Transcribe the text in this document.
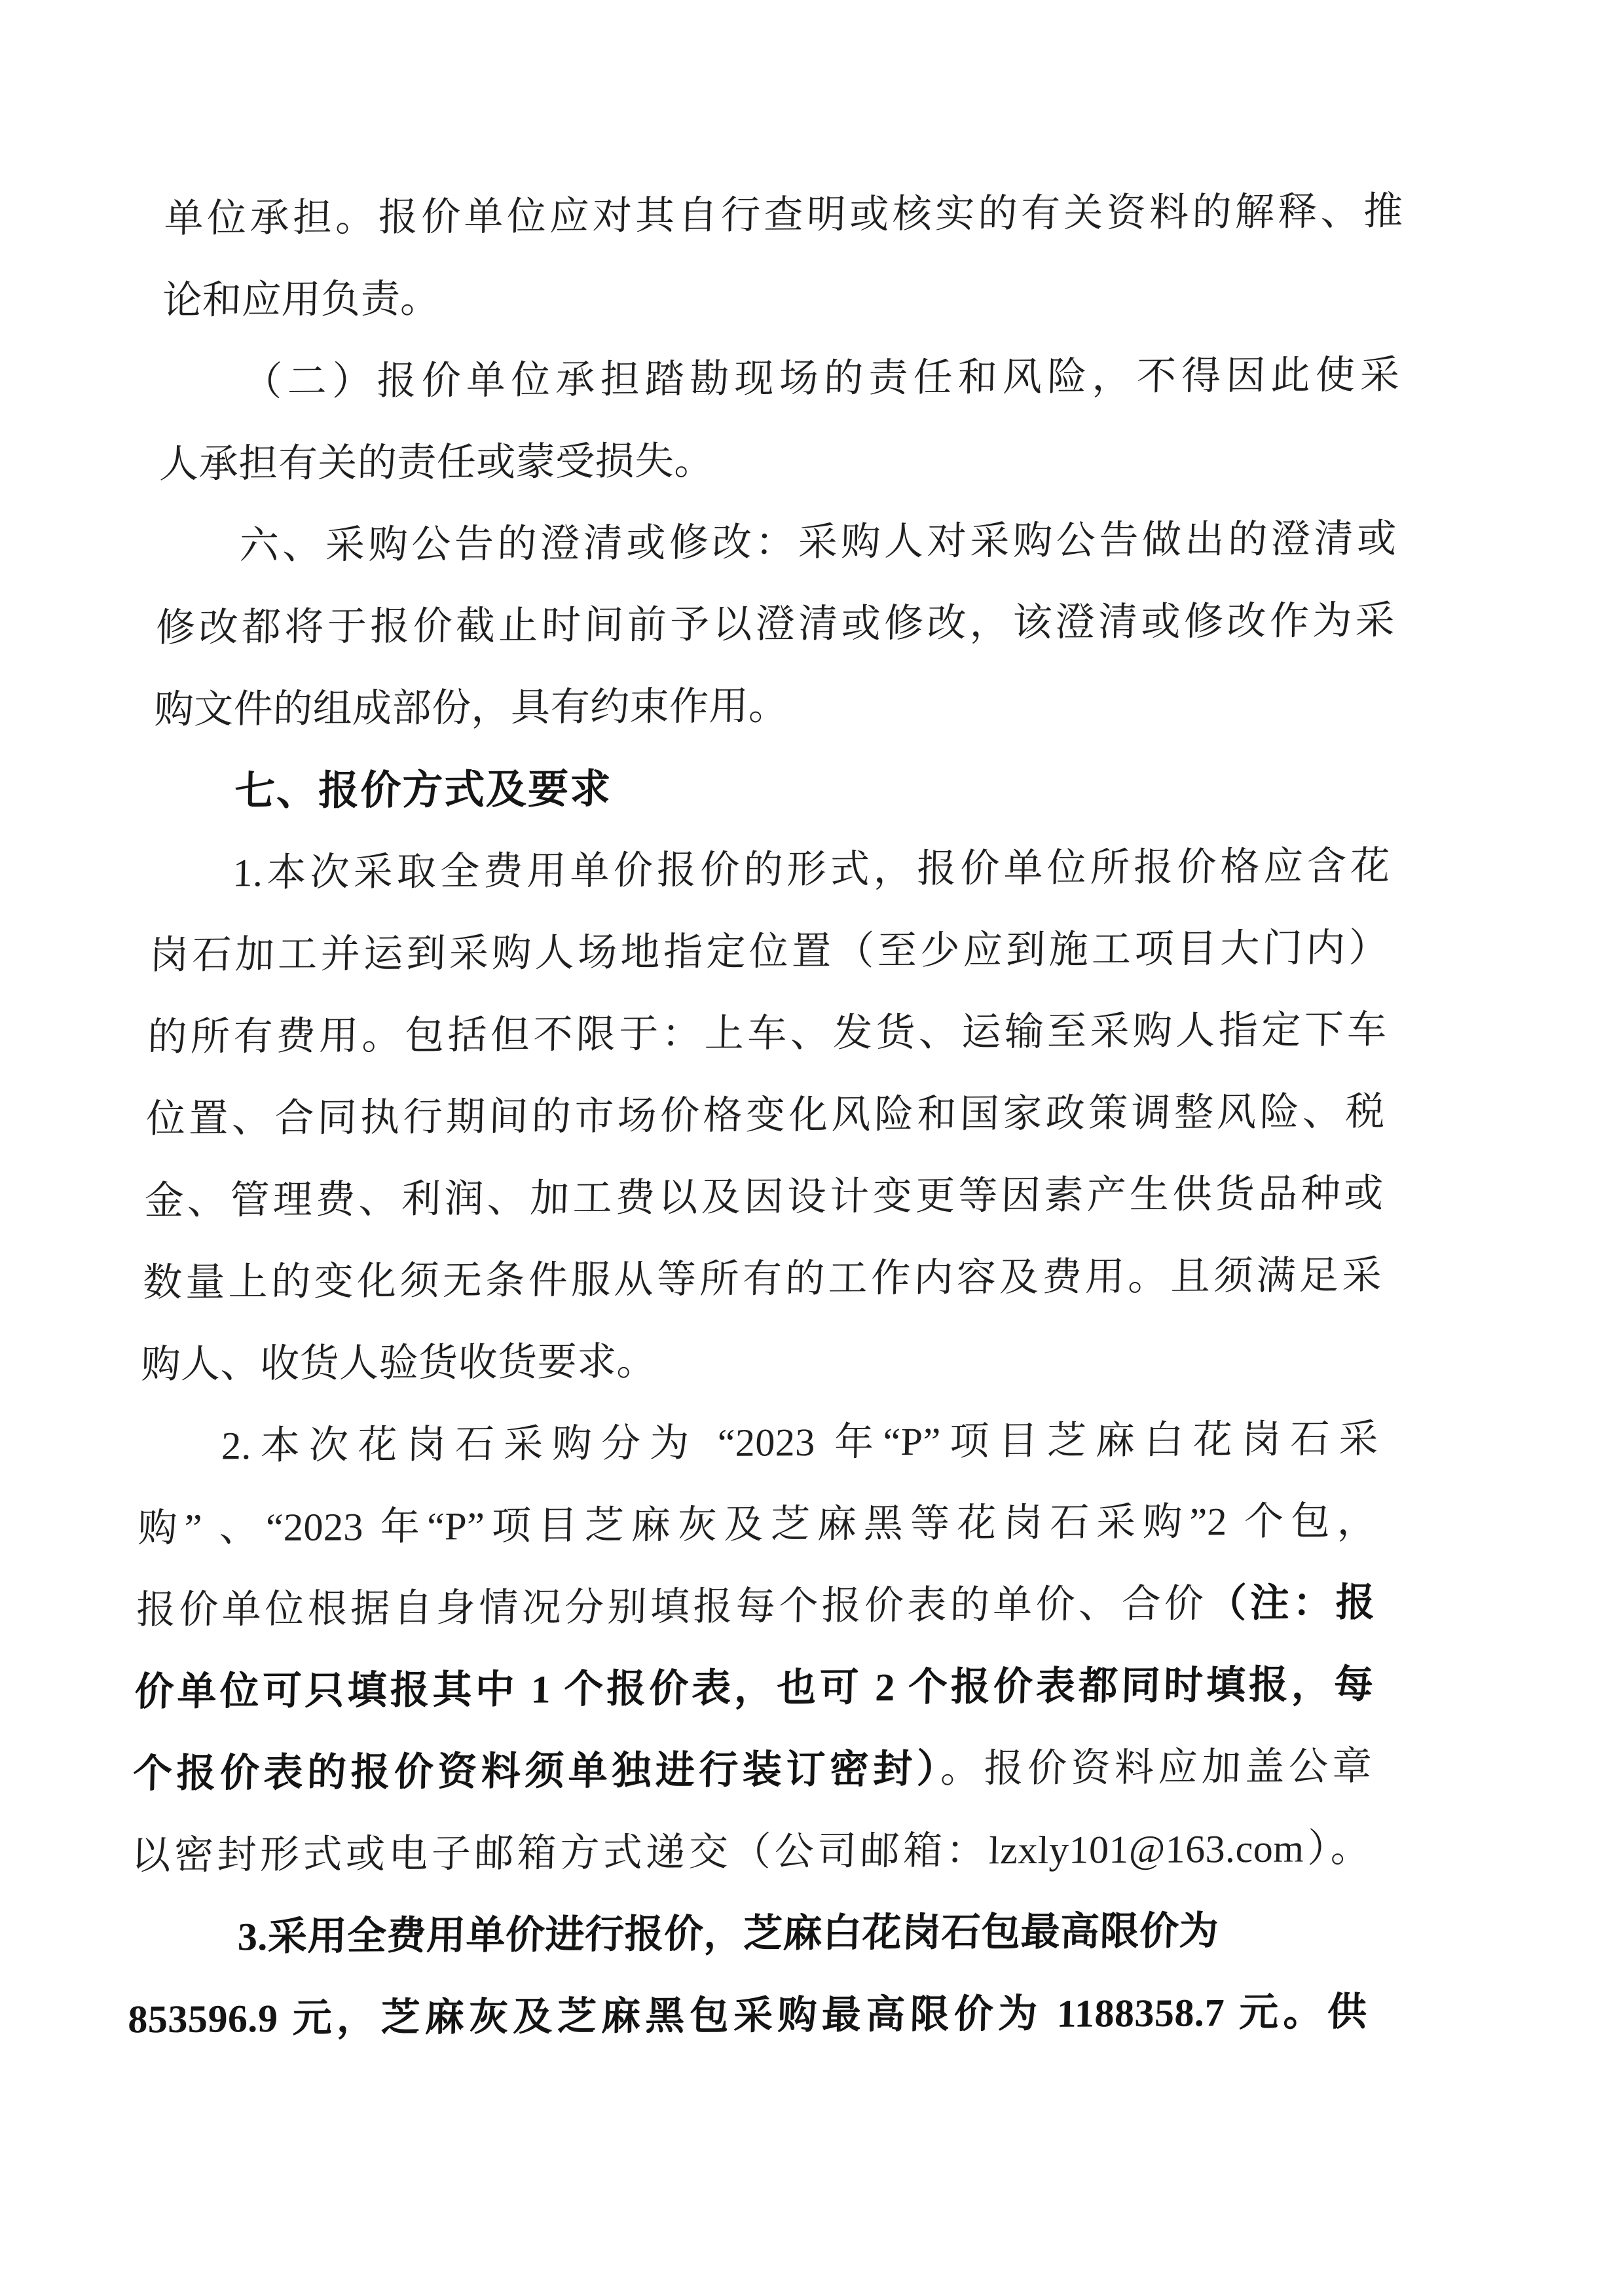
单位承担。报价单位应对其自行查明或核实的有关资料的解释、推
论和应用负责。
（二）报价单位承担踏勘现场的责任和风险，不得因此使采
人承担有关的责任或蒙受损失。
六、采购公告的澄清或修改：采购人对采购公告做出的澄清或
修改都将于报价截止时间前予以澄清或修改，该澄清或修改作为采
购文件的组成部份，具有约束作用。
七、报价方式及要求
1.本次采取全费用单价报价的形式，报价单位所报价格应含花
岗石加工并运到采购人场地指定位置（至少应到施工项目大门内）
的所有费用。包括但不限于：上车、发货、运输至采购人指定下车
位置、合同执行期间的市场价格变化风险和国家政策调整风险、税
金、管理费、利润、加工费以及因设计变更等因素产生供货品种或
数量上的变化须无条件服从等所有的工作内容及费用。且须满足采
购人、收货人验货收货要求。
2.本次花岗石采购分为 “2023 年“P”项目芝麻白花岗石采
购” 、“2023 年“P”项目芝麻灰及芝麻黑等花岗石采购”2 个包，
报价单位根据自身情况分别填报每个报价表的单价、合价（注：报
价单位可只填报其中 1 个报价表，也可 2 个报价表都同时填报，每
个报价表的报价资料须单独进行装订密封）。报价资料应加盖公章
以密封形式或电子邮箱方式递交（公司邮箱：lzxly101@163.com）。
3.采用全费用单价进行报价，芝麻白花岗石包最高限价为
853596.9 元，芝麻灰及芝麻黑包采购最高限价为 1188358.7 元。供
